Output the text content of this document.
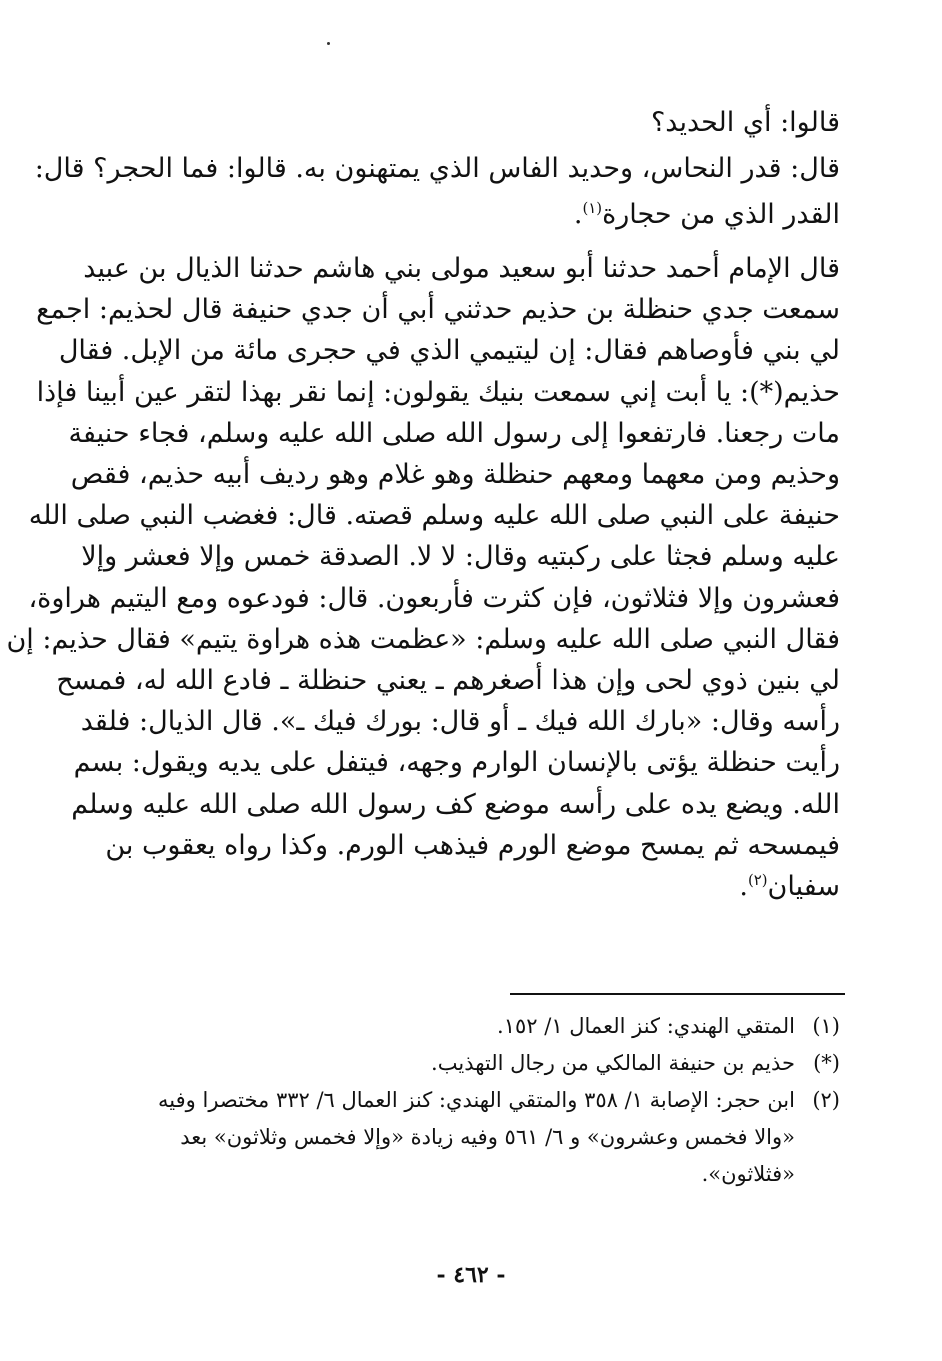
قالوا: أي الحديد؟
قال: قدر النحاس، وحديد الفاس الذي يمتهنون به. قالوا: فما الحجر؟ قال:
القدر الذي من حجارة$^{(١)}$.
قال الإمام أحمد حدثنا أبو سعيد مولى بني هاشم حدثنا الذيال بن عبيد
سمعت جدي حنظلة بن حذيم حدثني أبي أن جدي حنيفة قال لحذيم: اجمع
لي بني فأوصاهم فقال: إن ليتيمي الذي في حجرى مائة من الإبل. فقال
حذيم(*): يا أبت إني سمعت بنيك يقولون: إنما نقر بهذا لتقر عين أبينا فإذا
مات رجعنا. فارتفعوا إلى رسول الله صلى الله عليه وسلم، فجاء حنيفة
وحذيم ومن معهما ومعهم حنظلة وهو غلام وهو رديف أبيه حذيم، فقص
حنيفة على النبي صلى الله عليه وسلم قصته. قال: فغضب النبي صلى الله
عليه وسلم فجثا على ركبتيه وقال: لا لا. الصدقة خمس وإلا فعشر وإلا
فعشرون وإلا فثلاثون، فإن كثرت فأربعون. قال: فودعوه ومع اليتيم هراوة،
فقال النبي صلى الله عليه وسلم: «عظمت هذه هراوة يتيم» فقال حذيم: إن
لي بنين ذوي لحى وإن هذا أصغرهم ـ يعني حنظلة ـ فادع الله له، فمسح
رأسه وقال: «بارك الله فيك ـ أو قال: بورك فيك ـ». قال الذيال: فلقد
رأيت حنظلة يؤتى بالإنسان الوارم وجهه، فيتفل على يديه ويقول: بسم
الله. ويضع يده على رأسه موضع كف رسول الله صلى الله عليه وسلم
فيمسحه ثم يمسح موضع الورم فيذهب الورم. وكذا رواه يعقوب بن
سفيان$^{(٢)}$.
(١)
المتقي الهندي: كنز العمال ١/ ١٥٢.
(*)
حذيم بن حنيفة المالكي من رجال التهذيب.
(٢)
ابن حجر: الإصابة ١/ ٣٥٨ والمتقي الهندي: كنز العمال ٦/ ٣٣٢ مختصرا وفيه
«والا فخمس وعشرون» و ٦/ ٥٦١ وفيه زيادة «وإلا فخمس وثلاثون» بعد
«فثلاثون».
- ٤٦٢ -
